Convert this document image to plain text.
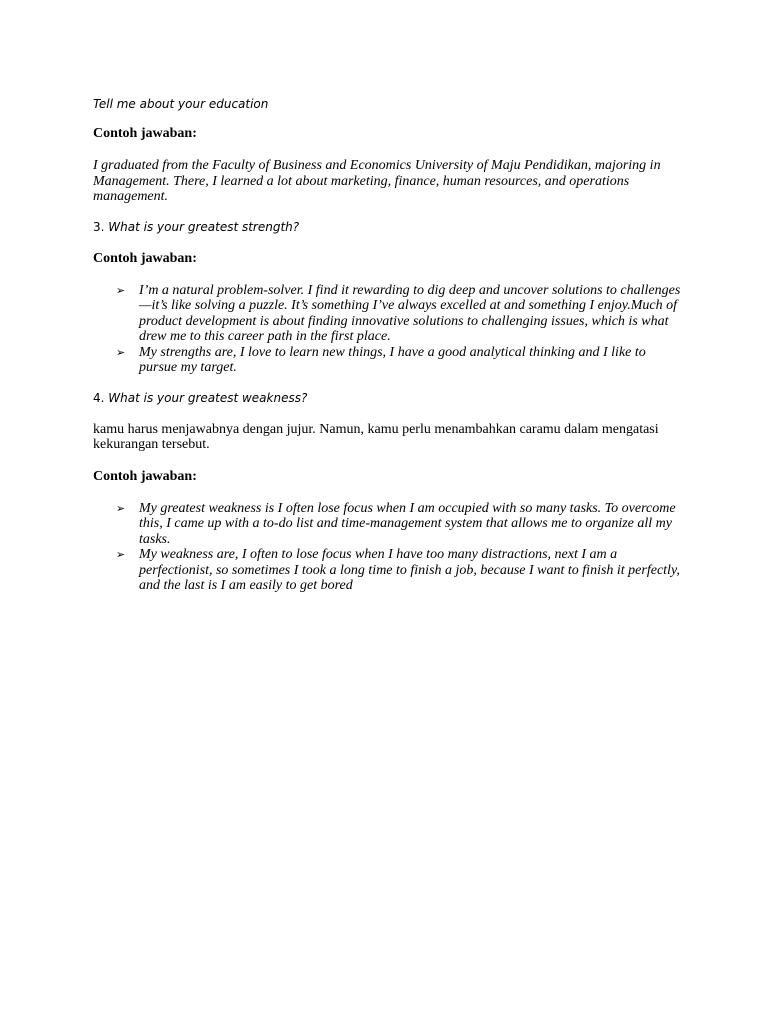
Tell me about your education

Contoh jawaban:

I graduated from the Faculty of Business and Economics University of Maju Pendidikan, majoring in Management. There, I learned a lot about marketing, finance, human resources, and operations management.

3. What is your greatest strength?

Contoh jawaban:

➢ I’m a natural problem-solver. I find it rewarding to dig deep and uncover solutions to challenges—it’s like solving a puzzle. It’s something I’ve always excelled at and something I enjoy.Much of product development is about finding innovative solutions to challenging issues, which is what drew me to this career path in the first place.
➢ My strengths are, I love to learn new things, I have a good analytical thinking and I like to pursue my target.

4. What is your greatest weakness?

kamu harus menjawabnya dengan jujur. Namun, kamu perlu menambahkan caramu dalam mengatasi kekurangan tersebut.

Contoh jawaban:

➢ My greatest weakness is I often lose focus when I am occupied with so many tasks. To overcome this, I came up with a to-do list and time-management system that allows me to organize all my tasks.
➢ My weakness are, I often to lose focus when I have too many distractions, next I am a perfectionist, so sometimes I took a long time to finish a job, because I want to finish it perfectly, and the last is I am easily to get bored
